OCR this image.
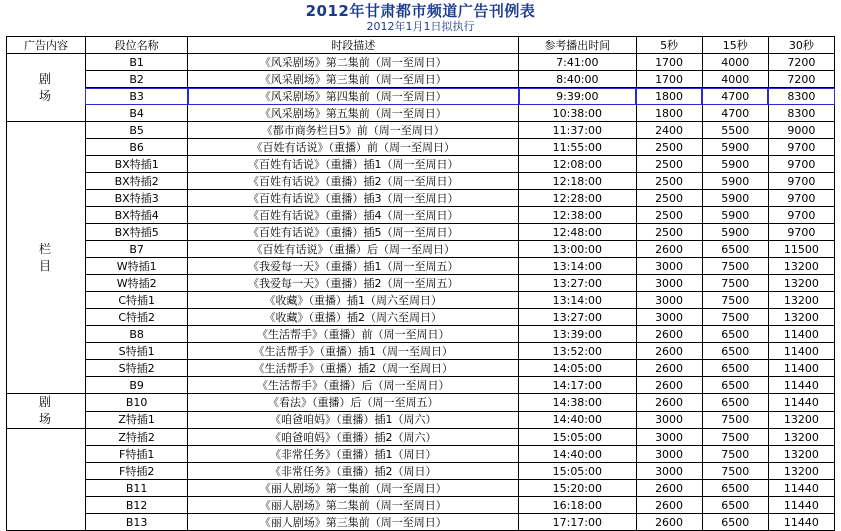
2012年甘肃都市频道广告刊例表
2012年1月1日拟执行
广告内容	段位名称	时段描述	参考播出时间	5秒	15秒	30秒

剧
场	B1	《风采剧场》第二集前（周一至周日）	7:41:00	1700	4000	7200
	B2	《风采剧场》第三集前（周一至周日）	8:40:00	1700	4000	7200
	B3	《风采剧场》第四集前（周一至周日）	9:39:00	1800	4700	8300
	B4	《风采剧场》第五集前（周一至周日）	10:38:00	1800	4700	8300

栏
目	B5	《都市商务栏目5》前（周一至周日）	11:37:00	2400	5500	9000
	B6	《百姓有话说》（重播）前（周一至周日）	11:55:00	2500	5900	9700
	BX特插1	《百姓有话说》（重播）插1（周一至周日）	12:08:00	2500	5900	9700
	BX特插2	《百姓有话说》（重播）插2（周一至周日）	12:18:00	2500	5900	9700
	BX特插3	《百姓有话说》（重播）插3（周一至周日）	12:28:00	2500	5900	9700
	BX特插4	《百姓有话说》（重播）插4（周一至周日）	12:38:00	2500	5900	9700
	BX特插5	《百姓有话说》（重播）插5（周一至周日）	12:48:00	2500	5900	9700
	B7	《百姓有话说》（重播）后（周一至周日）	13:00:00	2600	6500	11500
	W特插1	《我爱每一天》（重播）插1（周一至周五）	13:14:00	3000	7500	13200
	W特插2	《我爱每一天》（重播）插2（周一至周五）	13:27:00	3000	7500	13200
	C特插1	《收藏》（重播）插1（周六至周日）	13:14:00	3000	7500	13200
	C特插2	《收藏》（重播）插2（周六至周日）	13:27:00	3000	7500	13200
	B8	《生活帮手》（重播）前（周一至周日）	13:39:00	2600	6500	11400
	S特插1	《生活帮手》（重播）插1（周一至周日）	13:52:00	2600	6500	11400
	S特插2	《生活帮手》（重播）插2（周一至周日）	14:05:00	2600	6500	11400
	B9	《生活帮手》（重播）后（周一至周日）	14:17:00	2600	6500	11440

剧
场	B10	《看法》（重播）后（周一至周五）	14:38:00	2600	6500	11440
	Z特插1	《咱爸咱妈》（重播）插1（周六）	14:40:00	3000	7500	13200

	Z特插2	《咱爸咱妈》（重播）插2（周六）	15:05:00	3000	7500	13200
	F特插1	《非常任务》（重播）插1（周日）	14:40:00	3000	7500	13200
	F特插2	《非常任务》（重播）插2（周日）	15:05:00	3000	7500	13200
	B11	《丽人剧场》第一集前（周一至周日）	15:20:00	2600	6500	11440
	B12	《丽人剧场》第二集前（周一至周日）	16:18:00	2600	6500	11440
	B13	《丽人剧场》第三集前（周一至周日）	17:17:00	2600	6500	11440
